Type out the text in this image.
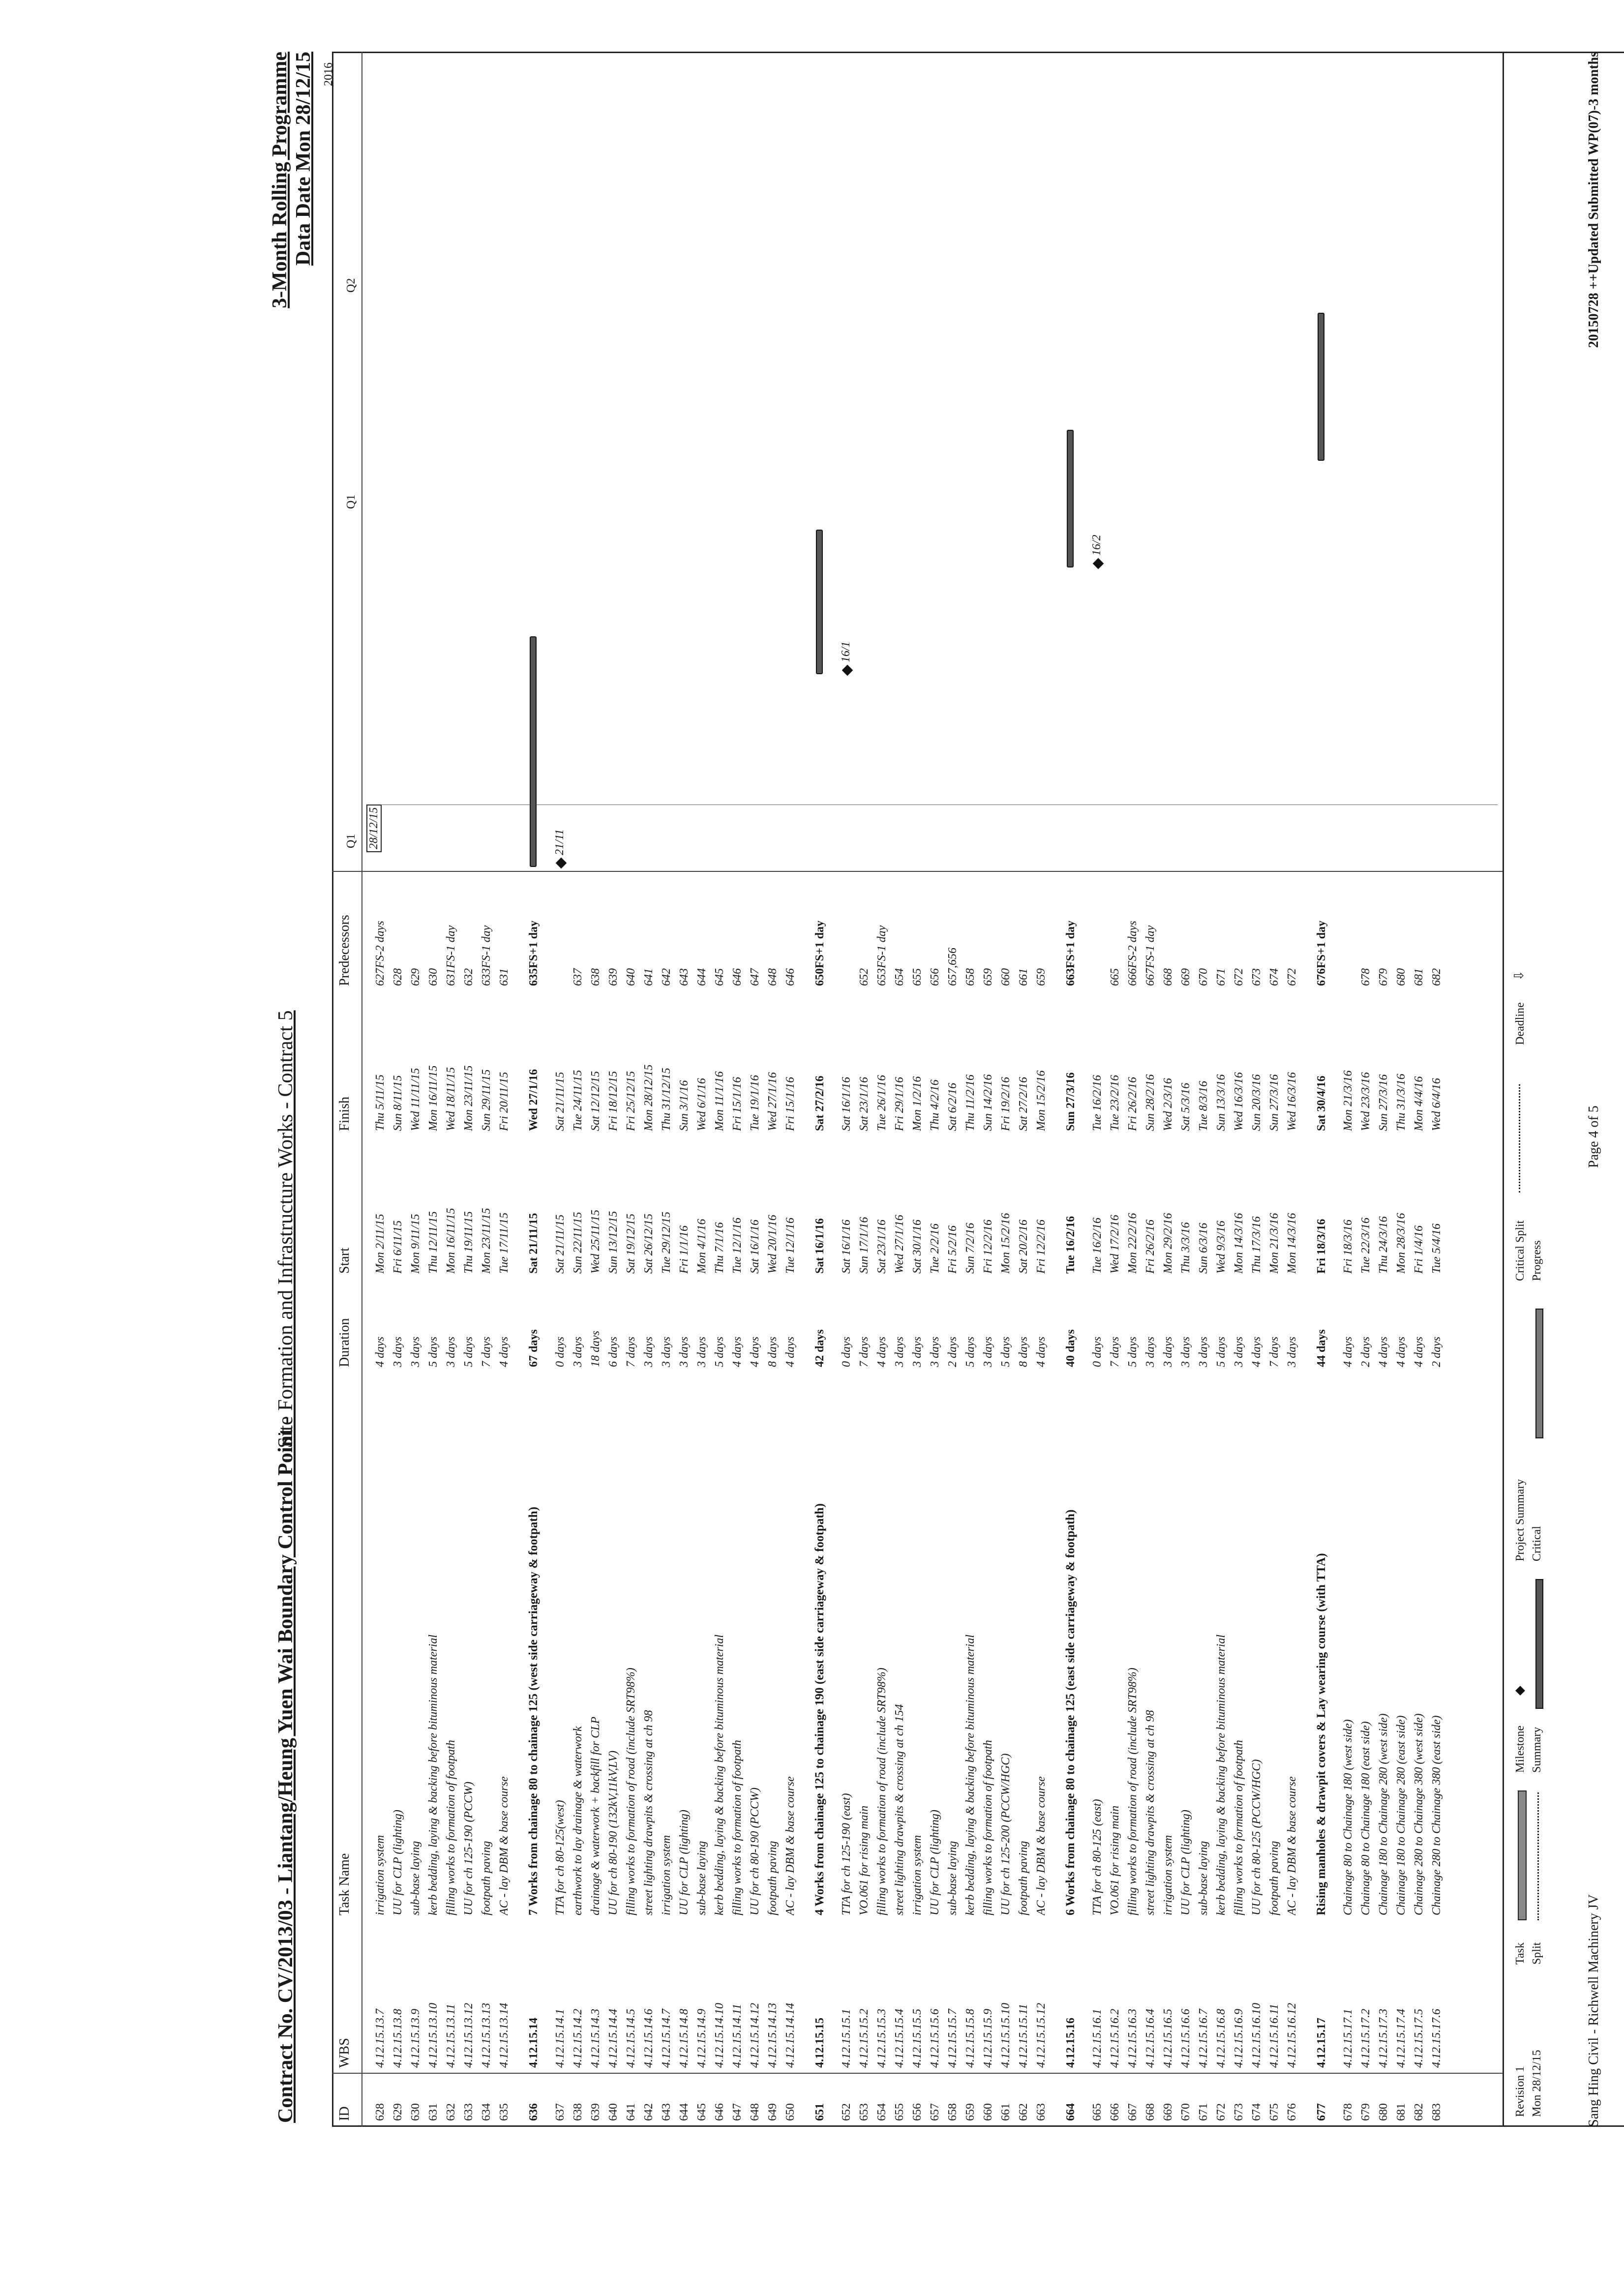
Contract No. CV/2013/03 - Liantang/Heung Yuen Wai Boundary Control Point -
Site Formation and Infrastructure Works - Contract 5
3-Month Rolling Programme Data Date Mon 28/12/15
ID
WBS
Task Name
Duration
Start
Finish
Predecessors
Q1
Q1
Q2
2016
28/12/15
628
4.12.15.13.7
irrigation system
4 days
Mon 2/11/15
Thu 5/11/15
627FS-2 days
629
4.12.15.13.8
UU for CLP (lighting)
3 days
Fri 6/11/15
Sun 8/11/15
628
630
4.12.15.13.9
sub-base laying
3 days
Mon 9/11/15
Wed 11/11/15
629
631
4.12.15.13.10
kerb bedding, laying & backing before bituminous material
5 days
Thu 12/11/15
Mon 16/11/15
630
632
4.12.15.13.11
filling works to formation of footpath
3 days
Mon 16/11/15
Wed 18/11/15
631FS-1 day
633
4.12.15.13.12
UU for ch 125-190 (PCCW)
5 days
Thu 19/11/15
Mon 23/11/15
632
634
4.12.15.13.13
footpath paving
7 days
Mon 23/11/15
Sun 29/11/15
633FS-1 day
635
4.12.15.13.14
AC - lay DBM & base course
4 days
Tue 17/11/15
Fri 20/11/15
631
636
4.12.15.14
7 Works from chainage 80 to chainage 125 (west side carriageway & footpath)
67 days
Sat 21/11/15
Wed 27/1/16
635FS+1 day
637
4.12.15.14.1
TTA for ch 80-125(west)
0 days
Sat 21/11/15
Sat 21/11/15
638
4.12.15.14.2
earthwork to lay drainage & waterwork
3 days
Sun 22/11/15
Tue 24/11/15
637
639
4.12.15.14.3
drainage & waterwork + backfill for CLP
18 days
Wed 25/11/15
Sat 12/12/15
638
640
4.12.15.14.4
UU for ch 80-190 (132kV,11kV,LV)
6 days
Sun 13/12/15
Fri 18/12/15
639
641
4.12.15.14.5
filling works to formation of road (include SRT98%)
7 days
Sat 19/12/15
Fri 25/12/15
640
642
4.12.15.14.6
street lighting drawpits & crossing at ch 98
3 days
Sat 26/12/15
Mon 28/12/15
641
643
4.12.15.14.7
irrigation system
3 days
Tue 29/12/15
Thu 31/12/15
642
644
4.12.15.14.8
UU for CLP (lighting)
3 days
Fri 1/1/16
Sun 3/1/16
643
645
4.12.15.14.9
sub-base laying
3 days
Mon 4/1/16
Wed 6/1/16
644
646
4.12.15.14.10
kerb bedding, laying & backing before bituminous material
5 days
Thu 7/1/16
Mon 11/1/16
645
647
4.12.15.14.11
filling works to formation of footpath
4 days
Tue 12/1/16
Fri 15/1/16
646
648
4.12.15.14.12
UU for ch 80-190 (PCCW)
4 days
Sat 16/1/16
Tue 19/1/16
647
649
4.12.15.14.13
footpath paving
8 days
Wed 20/1/16
Wed 27/1/16
648
650
4.12.15.14.14
AC - lay DBM & base course
4 days
Tue 12/1/16
Fri 15/1/16
646
651
4.12.15.15
4 Works from chainage 125 to chainage 190 (east side carriageway & footpath)
42 days
Sat 16/1/16
Sat 27/2/16
650FS+1 day
652
4.12.15.15.1
TTA for ch 125-190 (east)
0 days
Sat 16/1/16
Sat 16/1/16
653
4.12.15.15.2
VO.061 for rising main
7 days
Sun 17/1/16
Sat 23/1/16
652
654
4.12.15.15.3
filling works to formation of road (include SRT98%)
4 days
Sat 23/1/16
Tue 26/1/16
653FS-1 day
655
4.12.15.15.4
street lighting drawpits & crossing at ch 154
3 days
Wed 27/1/16
Fri 29/1/16
654
656
4.12.15.15.5
irrigation system
3 days
Sat 30/1/16
Mon 1/2/16
655
657
4.12.15.15.6
UU for CLP (lighting)
3 days
Tue 2/2/16
Thu 4/2/16
656
658
4.12.15.15.7
sub-base laying
2 days
Fri 5/2/16
Sat 6/2/16
657,656
659
4.12.15.15.8
kerb bedding, laying & backing before bituminous material
5 days
Sun 7/2/16
Thu 11/2/16
658
660
4.12.15.15.9
filling works to formation of footpath
3 days
Fri 12/2/16
Sun 14/2/16
659
661
4.12.15.15.10
UU for ch 125-200 (PCCW/HGC)
5 days
Mon 15/2/16
Fri 19/2/16
660
662
4.12.15.15.11
footpath paving
8 days
Sat 20/2/16
Sat 27/2/16
661
663
4.12.15.15.12
AC - lay DBM & base course
4 days
Fri 12/2/16
Mon 15/2/16
659
664
4.12.15.16
6 Works from chainage 80 to chainage 125 (east side carriageway & footpath)
40 days
Tue 16/2/16
Sun 27/3/16
663FS+1 day
665
4.12.15.16.1
TTA for ch 80-125 (east)
0 days
Tue 16/2/16
Tue 16/2/16
666
4.12.15.16.2
VO.061 for rising main
7 days
Wed 17/2/16
Tue 23/2/16
665
667
4.12.15.16.3
filling works to formation of road (include SRT98%)
5 days
Mon 22/2/16
Fri 26/2/16
666FS-2 days
668
4.12.15.16.4
street lighting drawpits & crossing at ch 98
3 days
Fri 26/2/16
Sun 28/2/16
667FS-1 day
669
4.12.15.16.5
irrigation system
3 days
Mon 29/2/16
Wed 2/3/16
668
670
4.12.15.16.6
UU for CLP (lighting)
3 days
Thu 3/3/16
Sat 5/3/16
669
671
4.12.15.16.7
sub-base laying
3 days
Sun 6/3/16
Tue 8/3/16
670
672
4.12.15.16.8
kerb bedding, laying & backing before bituminous material
5 days
Wed 9/3/16
Sun 13/3/16
671
673
4.12.15.16.9
filling works to formation of footpath
3 days
Mon 14/3/16
Wed 16/3/16
672
674
4.12.15.16.10
UU for ch 80-125 (PCCW/HGC)
4 days
Thu 17/3/16
Sun 20/3/16
673
675
4.12.15.16.11
footpath paving
7 days
Mon 21/3/16
Sun 27/3/16
674
676
4.12.15.16.12
AC - lay DBM & base course
3 days
Mon 14/3/16
Wed 16/3/16
672
677
4.12.15.17
Rising manholes & drawpit covers & Lay wearing course (with TTA)
44 days
Fri 18/3/16
Sat 30/4/16
676FS+1 day
678
4.12.15.17.1
Chainage 80 to Chainage 180 (west side)
4 days
Fri 18/3/16
Mon 21/3/16
679
4.12.15.17.2
Chainage 80 to Chainage 180 (east side)
2 days
Tue 22/3/16
Wed 23/3/16
678
680
4.12.15.17.3
Chainage 180 to Chainage 280 (west side)
4 days
Thu 24/3/16
Sun 27/3/16
679
681
4.12.15.17.4
Chainage 180 to Chainage 280 (east side)
4 days
Mon 28/3/16
Thu 31/3/16
680
682
4.12.15.17.5
Chainage 280 to Chainage 380 (west side)
4 days
Fri 1/4/16
Mon 4/4/16
681
683
4.12.15.17.6
Chainage 280 to Chainage 380 (east side)
2 days
Tue 5/4/16
Wed 6/4/16
682
21/11
16/1
16/2
Revision 1 Mon 28/12/15
Task Split
Milestone Summary
Project Summary Critical
Critical Split Progress
Deadline
⇩
Sang Hing Civil - Richwell Machinery JV
Page 4 of 5
20150728 ++Updated Submitted WP(07)-3 months
